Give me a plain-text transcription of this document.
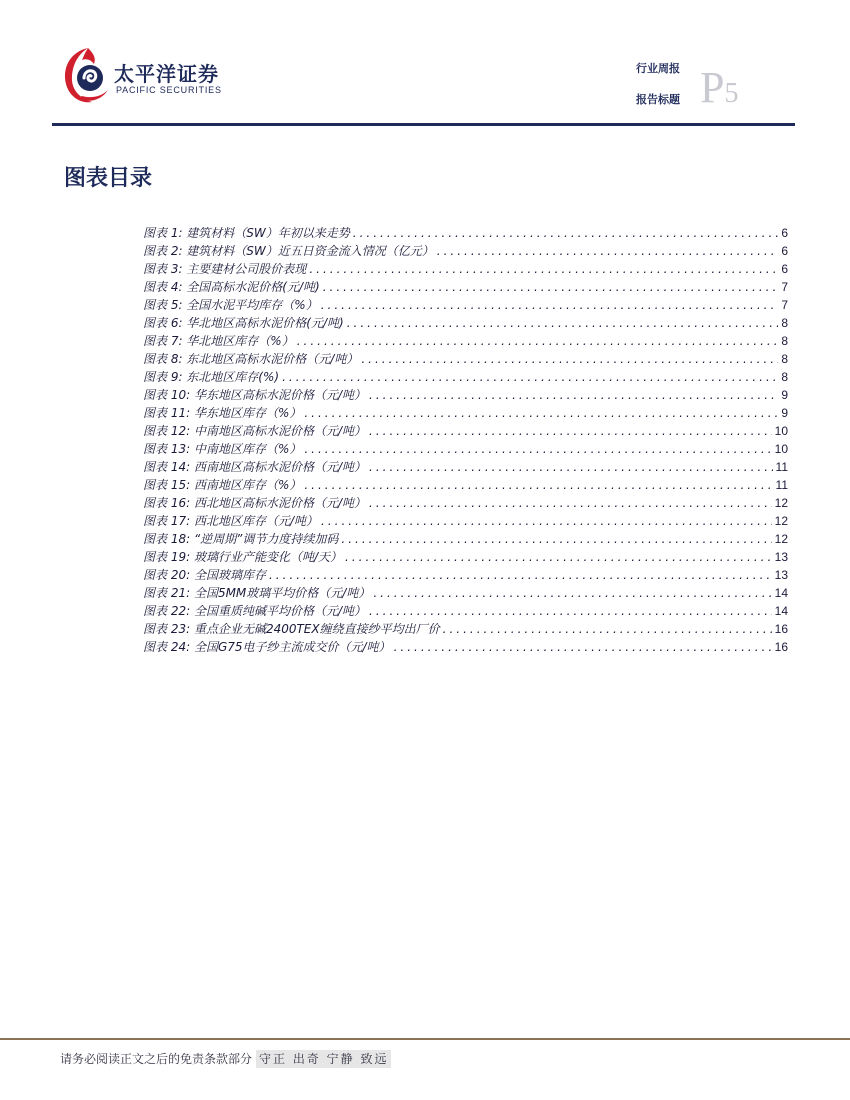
太平洋证券
PACIFIC SECURITIES
行业周报
报告标题 P5
图表目录
图表 1: 建筑材料（SW）年初以来走势 .....	6
图表 2: 建筑材料（SW）近五日资金流入情况（亿元） .....	6
图表 3: 主要建材公司股价表现 .....	6
图表 4: 全国高标水泥价格(元/吨) .....	7
图表 5: 全国水泥平均库存（%） .....	7
图表 6: 华北地区高标水泥价格(元/吨) .....	8
图表 7: 华北地区库存（%） .....	8
图表 8: 东北地区高标水泥价格（元/吨） .....	8
图表 9: 东北地区库存(%) .....	8
图表 10: 华东地区高标水泥价格（元/吨） .....	9
图表 11: 华东地区库存（%） .....	9
图表 12: 中南地区高标水泥价格（元/吨） .....	10
图表 13: 中南地区库存（%） .....	10
图表 14: 西南地区高标水泥价格（元/吨） .....	11
图表 15: 西南地区库存（%） .....	11
图表 16: 西北地区高标水泥价格（元/吨） .....	12
图表 17: 西北地区库存（元/吨） .....	12
图表 18: “逆周期”调节力度持续加码 .....	12
图表 19: 玻璃行业产能变化（吨/天） .....	13
图表 20: 全国玻璃库存 .....	13
图表 21: 全国5MM玻璃平均价格（元/吨） .....	14
图表 22: 全国重质纯碱平均价格（元/吨） .....	14
图表 23: 重点企业无碱2400TEX缠绕直接纱平均出厂价 .....	16
图表 24: 全国G75电子纱主流成交价（元/吨） .....	16
请务必阅读正文之后的免责条款部分 守正 出奇 宁静 致远
